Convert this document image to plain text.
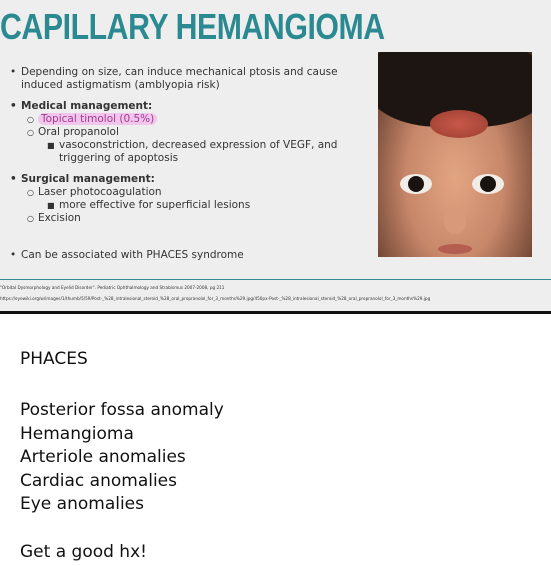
CAPILLARY HEMANGIOMA
• Depending on size, can induce mechanical ptosis and cause induced astigmatism (amblyopia risk)
• Medical management:
○ Topical timolol (0.5%)
○ Oral propanolol
■ vasoconstriction, decreased expression of VEGF, and triggering of apoptosis
• Surgical management:
○ Laser photocoagulation
■ more effective for superficial lesions
○ Excision
• Can be associated with PHACES syndrome
"Orbital Dysmorphology and Eyelid Disorder". Pediatric Ophthalmology and Strabismus 2007-2008, pg 211
https://eyewiki.org/w/images/1/thumb/5/59/Post-_%28_intralesional_steroid_%28_oral_propranolol_for_3_months%29.jpg/450px-Post-_%28_intralesional_steroid_%28_oral_propranolol_for_3_months%29.jpg
PHACES
Posterior fossa anomaly
Hemangioma
Arteriole anomalies
Cardiac anomalies
Eye anomalies
Get a good hx!
